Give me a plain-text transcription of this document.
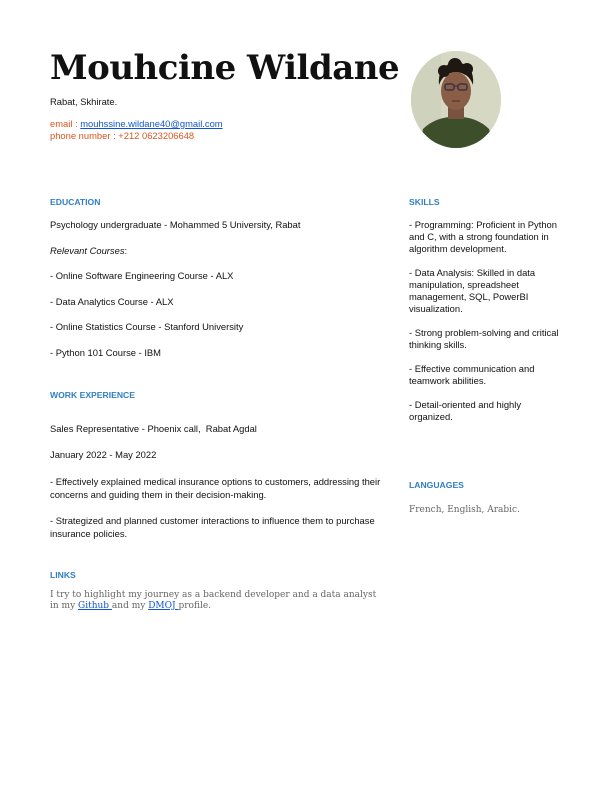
Mouhcine Wildane
Rabat, Skhirate.
email : mouhssine.wildane40@gmail.com
phone number : +212 0623206648
EDUCATION
Psychology undergraduate - Mohammed 5 University, Rabat
Relevant Courses:
- Online Software Engineering Course - ALX
- Data Analytics Course - ALX
- Online Statistics Course - Stanford University
- Python 101 Course - IBM
WORK EXPERIENCE
Sales Representative - Phoenix call,  Rabat Agdal
January 2022 - May 2022
- Effectively explained medical insurance options to customers, addressing their concerns and guiding them in their decision-making.
- Strategized and planned customer interactions to influence them to purchase insurance policies.
LINKS
I try to highlight my journey as a backend developer and a data analyst in my Github and my DMOJ profile.
SKILLS
- Programming: Proficient in Python and C, with a strong foundation in algorithm development.
- Data Analysis: Skilled in data manipulation, spreadsheet management, SQL, PowerBI visualization.
- Strong problem-solving and critical thinking skills.
- Effective communication and teamwork abilities.
- Detail-oriented and highly organized.
LANGUAGES
French, English, Arabic.
